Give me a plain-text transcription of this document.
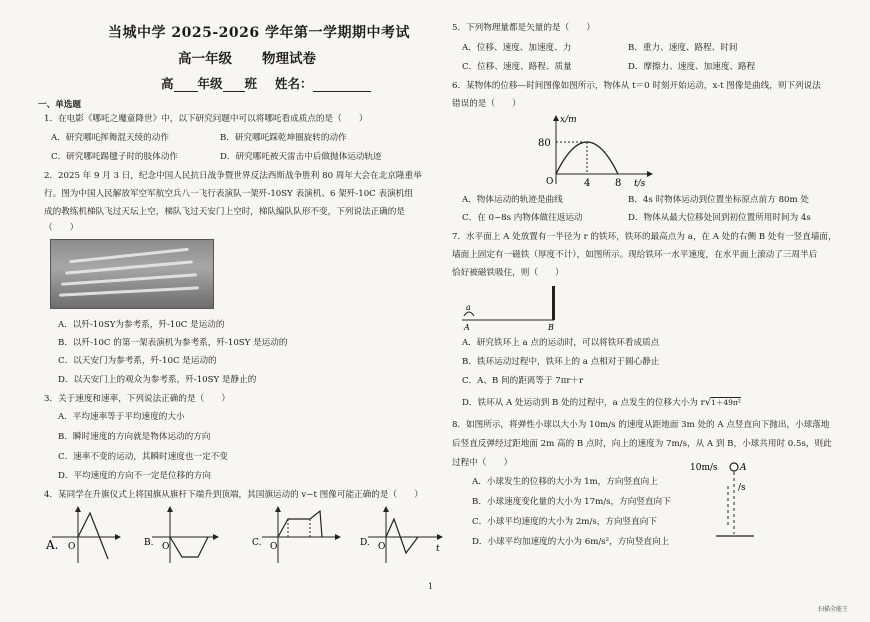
当城中学 2025-2026 学年第一学期期中考试
高一年级 物理试卷
高 年级 班 姓名：
一、单选题
1．在电影《哪吒之魔童降世》中，以下研究问题中可以将哪吒看成质点的是（　　）
A．研究哪吒挥舞混天绫的动作	B．研究哪吒踩乾坤圈旋转的动作
C．研究哪吒踢毽子时的肢体动作	D．研究哪吒被天雷击中后做抛体运动轨迹
2．2025 年 9 月 3 日，纪念中国人民抗日战争暨世界反法西斯战争胜利 80 周年大会在北京隆重举
行。图为中国人民解放军空军航空兵八一飞行表演队一架歼-10SY 表演机、6 架歼-10C 表演机组
成的教练机梯队飞过天坛上空，梯队飞过天安门上空时，梯队编队队形不变，下列说法正确的是
（　　）
A．以歼-10SY为参考系，歼-10C 是运动的
B．以歼-10C 的第一架表演机为参考系，歼-10SY 是运动的
C．以天安门为参考系，歼-10C 是运动的
D．以天安门上的观众为参考系，歼-10SY 是静止的
3．关于速度和速率，下列说法正确的是（　　）
A．平均速率等于平均速度的大小
B．瞬时速度的方向就是物体运动的方向
C．速率不变的运动，其瞬时速度也一定不变
D．平均速度的方向不一定是位移的方向
4．某同学在升旗仪式上将国旗从旗杆下端升到顶端，其国旗运动的 v−t 图像可能正确的是（　　）
A. O	B. O	C. O	D. O	t
5．下列物理量都是矢量的是（　　）
A．位移、速度、加速度、力	B．重力、速度、路程、时间
C．位移、速度、路程、质量	D．摩擦力、速度、加速度、路程
6．某物体的位移—时间图像如图所示，物体从 t＝0 时刻开始运动，x-t 图像是曲线，则下列说法
错误的是（　　）
x/m
t/s
80
4 8
O
A．物体运动的轨迹是曲线	B．4s 时物体运动到位置坐标原点前方 80m 处
C．在 0~8s 内物体做往返运动	D．物体从最大位移处回到初位置所用时间为 4s
7．水平面上 A 处放置有一半径为 r 的铁环，铁环的最高点为 a，在 A 处的右侧 B 处有一竖直墙面，
墙面上固定有一磁铁（厚度不计），如图所示。现给铁环一水平速度，在水平面上滚动了三周半后
恰好被磁铁吸住，则（　　）
a
A	B
A．研究铁环上 a 点的运动时，可以将铁环看成质点
B．铁环运动过程中，铁环上的 a 点相对于圆心静止
C．A、B 间的距离等于 7πr＋r
D．铁环从 A 处运动到 B 处的过程中，a 点发生的位移大小为 r√1＋49π²
8．如图所示，将弹性小球以大小为 10m/s 的速度从距地面 3m 处的 A 点竖直向下抛出，小球落地
后竖直反弹经过距地面 2m 高的 B 点时，向上的速度为 7m/s，从 A 到 B，小球共用时 0.5s，则此
过程中（　　）
A．小球发生的位移的大小为 1m，方向竖直向上
B．小球速度变化量的大小为 17m/s，方向竖直向下
C．小球平均速度的大小为 2m/s，方向竖直向下
D．小球平均加速度的大小为 6m/s²，方向竖直向上
10m/s A
/s
1
扫描全能王
